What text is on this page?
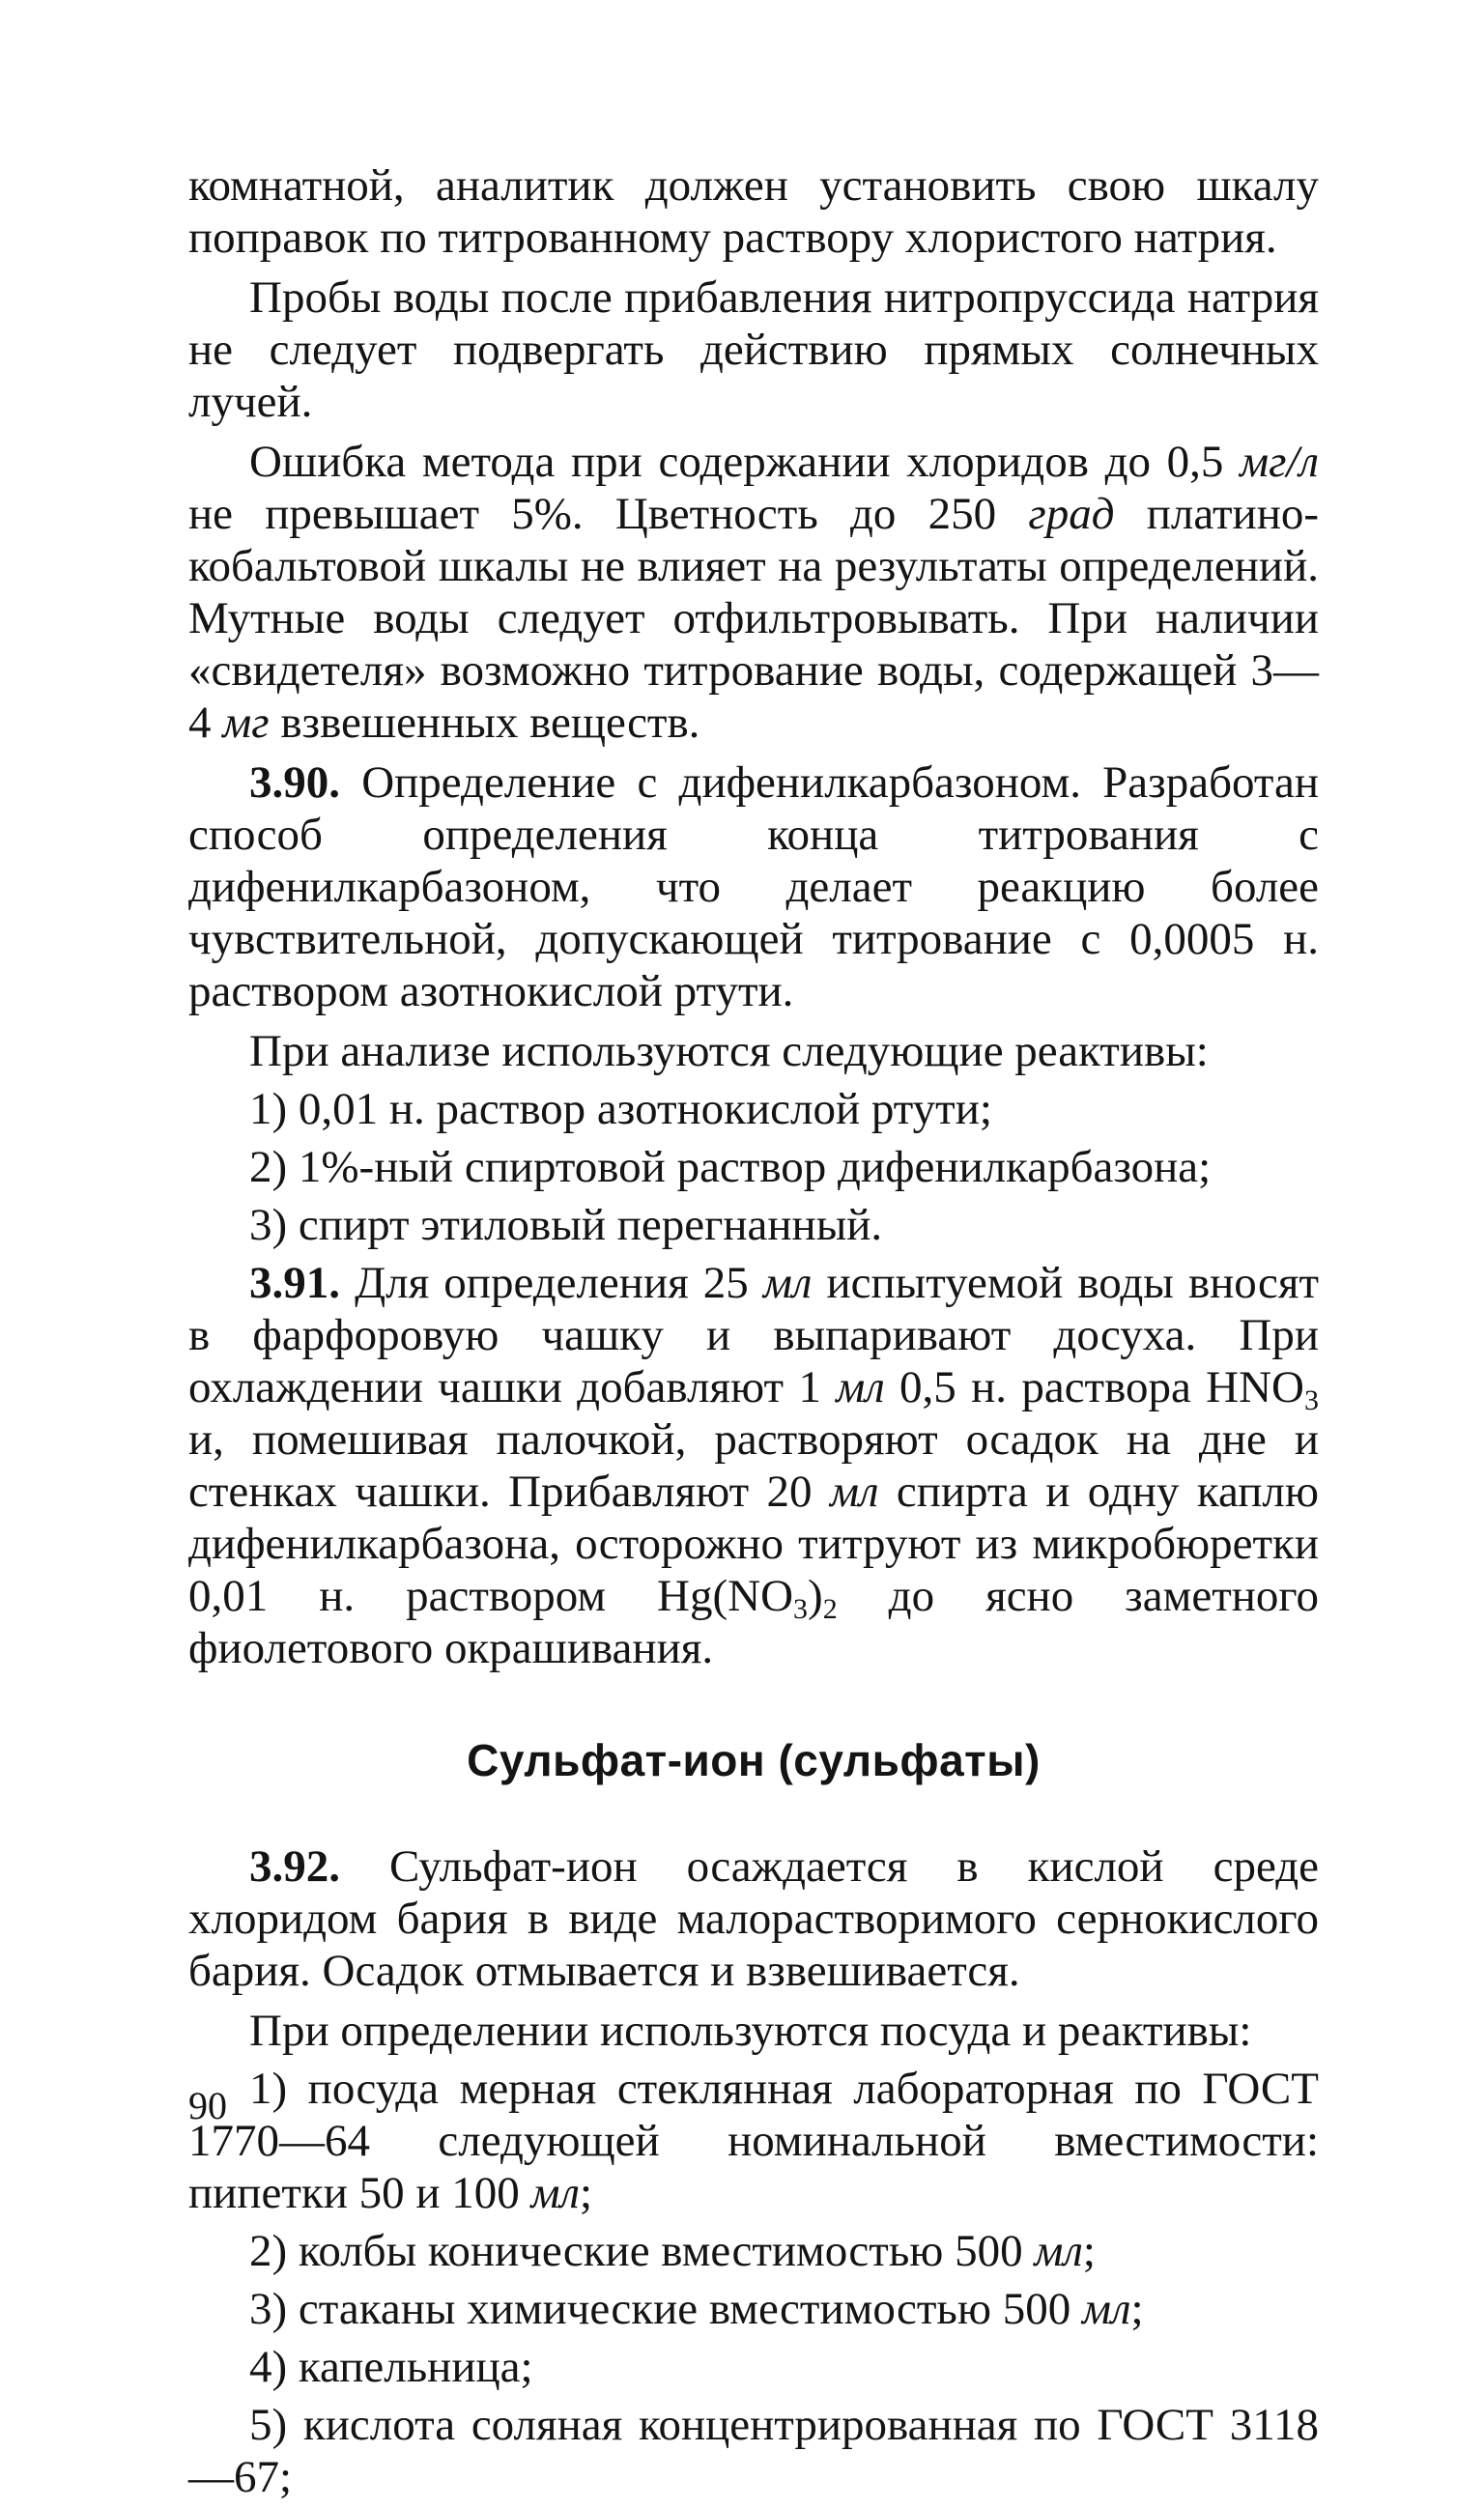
комнатной, аналитик должен установить свою шкалу поправок по титрованному раствору хлористого натрия.

Пробы воды после прибавления нитропруссида натрия не следует подвергать действию прямых солнечных лучей.

Ошибка метода при содержании хлоридов до 0,5 мг/л не превышает 5%. Цветность до 250 град платино-кобальтовой шкалы не влияет на результаты определений. Мутные воды следует отфильтровывать. При наличии «свидетеля» возможно титрование воды, содержащей 3—4 мг взвешенных веществ.

3.90. Определение с дифенилкарбазоном. Разработан способ определения конца титрования с дифенилкарбазоном, что делает реакцию более чувствительной, допускающей титрование с 0,0005 н. раствором азотнокислой ртути.

При анализе используются следующие реактивы:

1) 0,01 н. раствор азотнокислой ртути;

2) 1%-ный спиртовой раствор дифенилкарбазона;

3) спирт этиловый перегнанный.

3.91. Для определения 25 мл испытуемой воды вносят в фарфоровую чашку и выпаривают досуха. При охлаждении чашки добавляют 1 мл 0,5 н. раствора $HNO_3$ и, помешивая палочкой, растворяют осадок на дне и стенках чашки. Прибавляют 20 мл спирта и одну каплю дифенилкарбазона, осторожно титруют из микробюретки 0,01 н. раствором $Hg(NO_3)_2$ до ясно заметного фиолетового окрашивания.

Сульфат-ион (сульфаты)

3.92. Сульфат-ион осаждается в кислой среде хлоридом бария в виде малорастворимого сернокислого бария. Осадок отмывается и взвешивается.

При определении используются посуда и реактивы:

1) посуда мерная стеклянная лабораторная по ГОСТ 1770—64 следующей номинальной вместимости: пипетки 50 и 100 мл;

2) колбы конические вместимостью 500 мл;

3) стаканы химические вместимостью 500 мл;

4) капельница;

5) кислота соляная концентрированная по ГОСТ 3118—67;

90
